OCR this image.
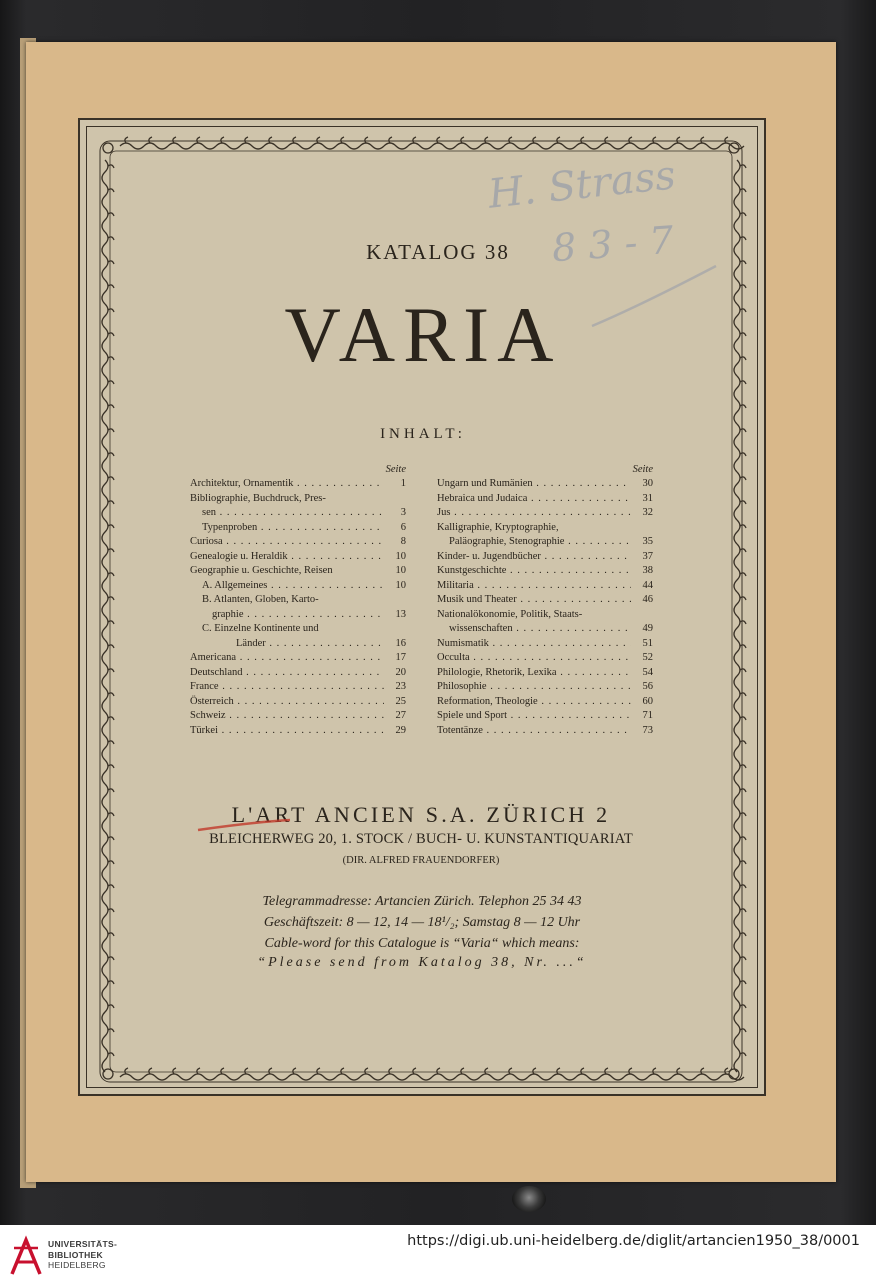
H. Strass
8 3 - 7
KATALOG 38
VARIA
INHALT:
Seite
Architektur, Ornamentik . . .	1
Bibliographie, Buchdruck, Pres-
sen . . .	3
Typenproben . . .	6
Curiosa . . .	8
Genealogie u. Heraldik . . .	10
Geographie u. Geschichte, Reisen	10
A. Allgemeines . . .	10
B. Atlanten, Globen, Karto-
graphie . . .	13
C. Einzelne Kontinente und
Länder . . .	16
Americana . . .	17
Deutschland . . .	20
France . . .	23
Österreich . . .	25
Schweiz . . .	27
Türkei . . .	29
Seite
Ungarn und Rumänien . . .	30
Hebraica und Judaica . . .	31
Jus . . .	32
Kalligraphie, Kryptographie,
Paläographie, Stenographie . . .	35
Kinder- u. Jugendbücher . . .	37
Kunstgeschichte . . .	38
Militaria . . .	44
Musik und Theater . . .	46
Nationalökonomie, Politik, Staats-
wissenschaften . . .	49
Numismatik . . .	51
Occulta . . .	52
Philologie, Rhetorik, Lexika . . .	54
Philosophie . . .	56
Reformation, Theologie . . .	60
Spiele und Sport . . .	71
Totentänze . . .	73
L'ART ANCIEN S.A. ZÜRICH 2
BLEICHERWEG 20, 1. STOCK / BUCH- U. KUNSTANTIQUARIAT
(DIR. ALFRED FRAUENDORFER)
Telegrammadresse: Artancien Zürich. Telephon 25 34 43
Geschäftszeit: 8 — 12, 14 — 18¹/₂; Samstag 8 — 12 Uhr
Cable-word for this Catalogue is “Varia“ which means:
“Please send from Katalog 38, Nr. ...“
UNIVERSITÄTS-
BIBLIOTHEK
HEIDELBERG
https://digi.ub.uni-heidelberg.de/diglit/artancien1950_38/0001
